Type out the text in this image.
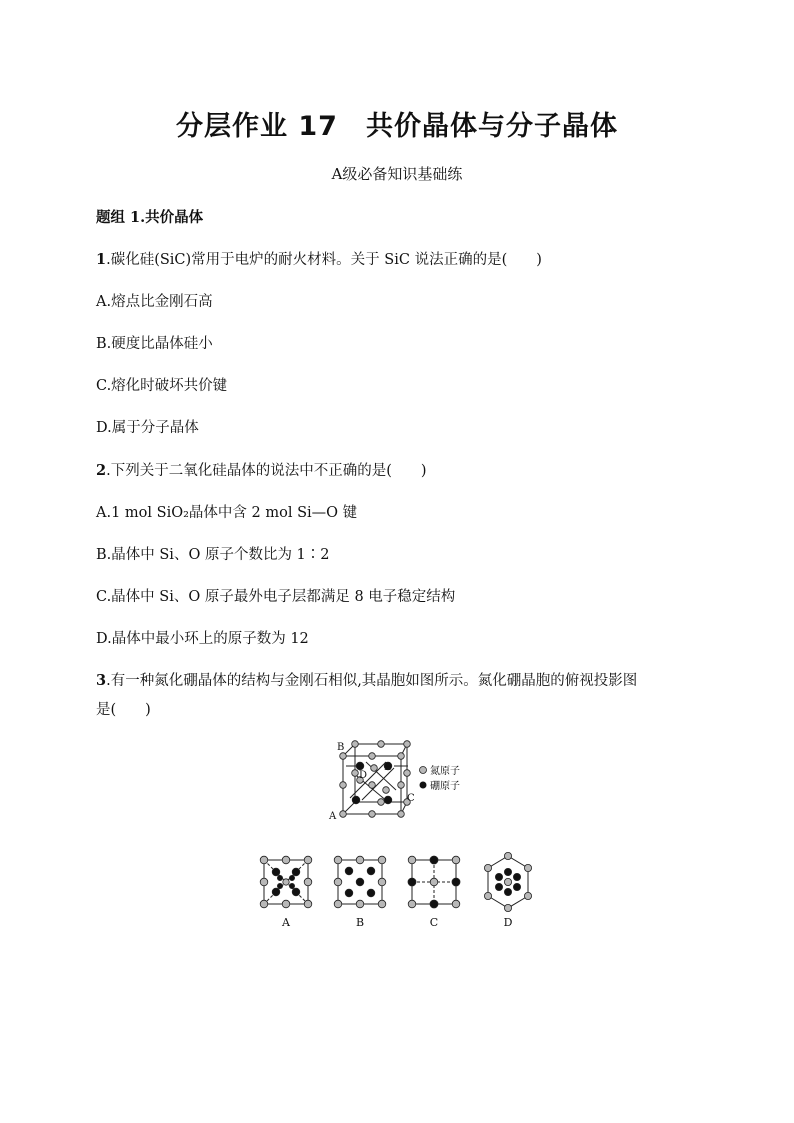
分层作业 17　共价晶体与分子晶体
A级必备知识基础练
题组 1.共价晶体
1.碳化硅(SiC)常用于电炉的耐火材料。关于 SiC 说法正确的是(　　)
A.熔点比金刚石高
B.硬度比晶体硅小
C.熔化时破坏共价键
D.属于分子晶体
2.下列关于二氧化硅晶体的说法中不正确的是(　　)
A.1 mol SiO₂晶体中含 2 mol Si—O 键
B.晶体中 Si、O 原子个数比为 1∶2
C.晶体中 Si、O 原子最外电子层都满足 8 电子稳定结构
D.晶体中最小环上的原子数为 12
3.有一种氮化硼晶体的结构与金刚石相似,其晶胞如图所示。氮化硼晶胞的俯视投影图
是(　　)
B
D
E
C
A
氮原子
硼原子
A	B	C	D
